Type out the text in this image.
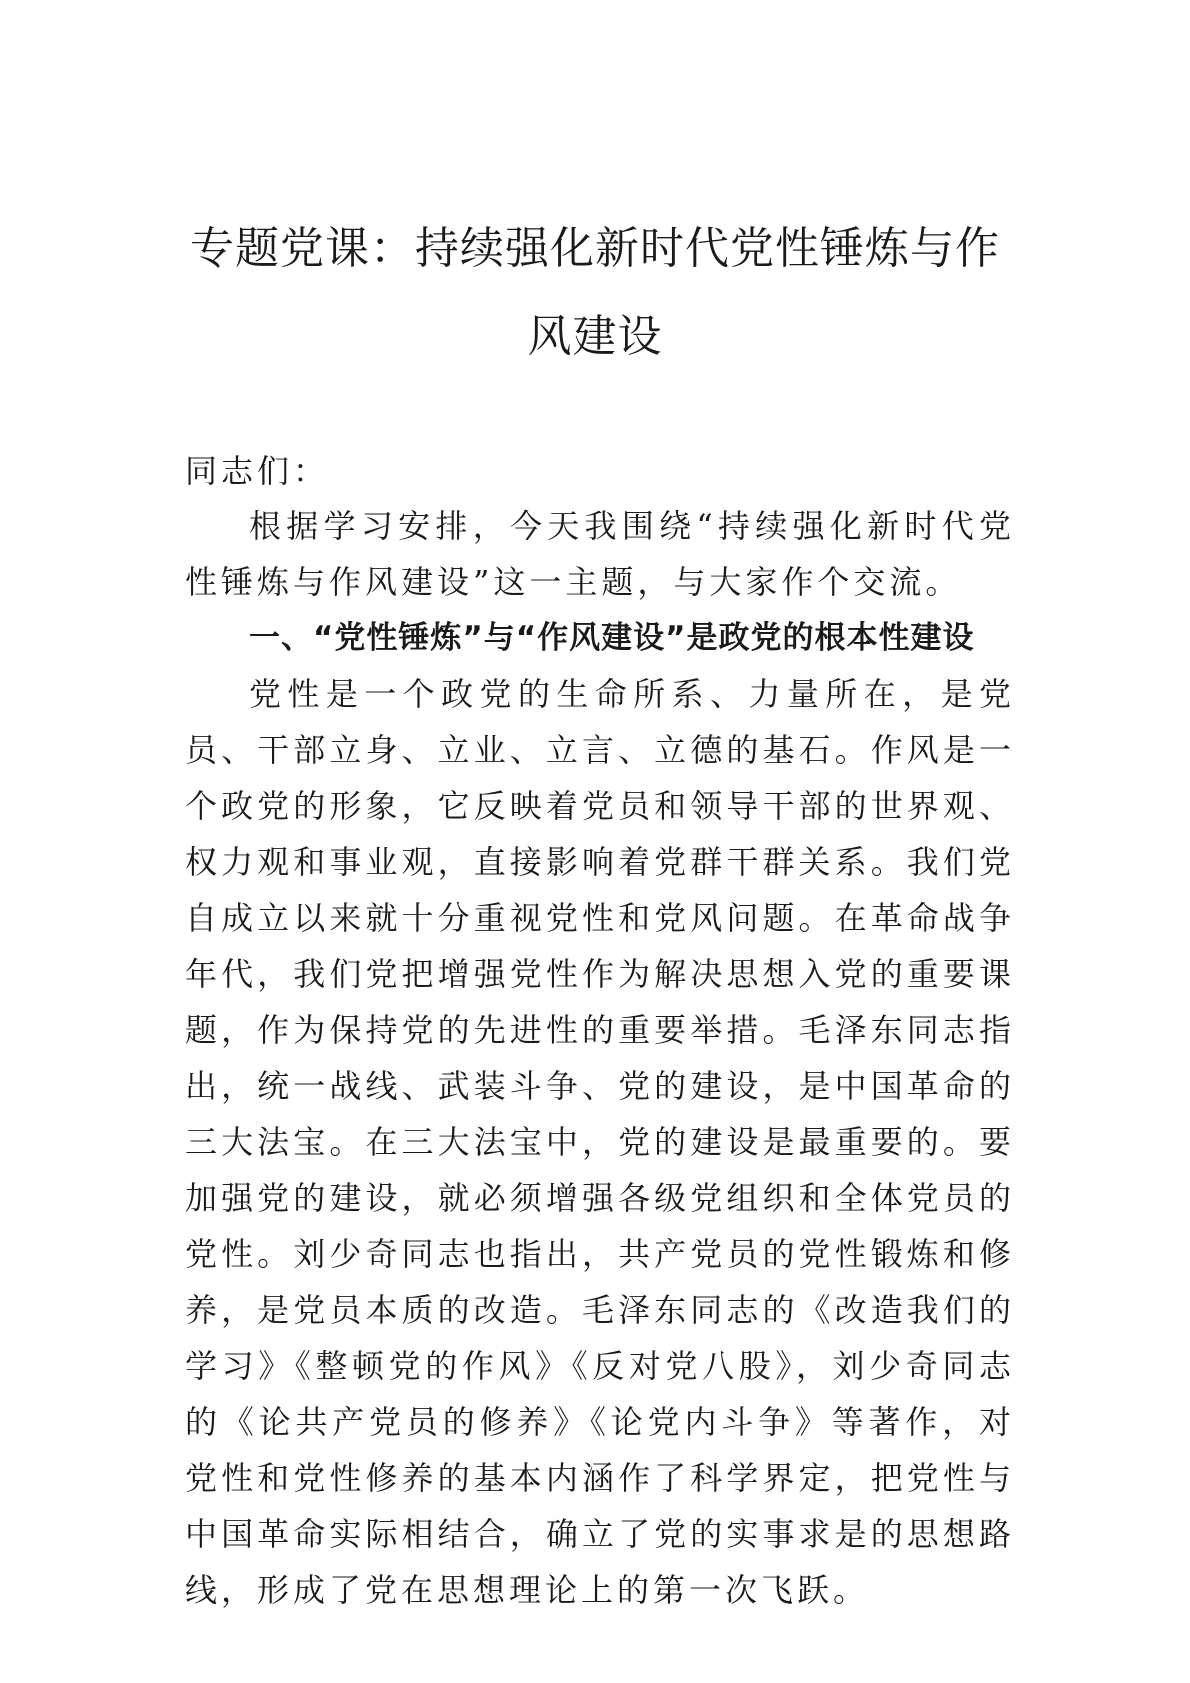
专题党课：持续强化新时代党性锤炼与作风建设

同志们：

根据学习安排，今天我围绕“持续强化新时代党性锤炼与作风建设”这一主题，与大家作个交流。

一、“党性锤炼”与“作风建设”是政党的根本性建设

党性是一个政党的生命所系、力量所在，是党员、干部立身、立业、立言、立德的基石。作风是一个政党的形象，它反映着党员和领导干部的世界观、权力观和事业观，直接影响着党群干群关系。我们党自成立以来就十分重视党性和党风问题。在革命战争年代，我们党把增强党性作为解决思想入党的重要课题，作为保持党的先进性的重要举措。毛泽东同志指出，统一战线、武装斗争、党的建设，是中国革命的三大法宝。在三大法宝中，党的建设是最重要的。要加强党的建设，就必须增强各级党组织和全体党员的党性。刘少奇同志也指出，共产党员的党性锻炼和修养，是党员本质的改造。毛泽东同志的《改造我们的学习》《整顿党的作风》《反对党八股》，刘少奇同志的《论共产党员的修养》《论党内斗争》等著作，对党性和党性修养的基本内涵作了科学界定，把党性与中国革命实际相结合，确立了党的实事求是的思想路线，形成了党在思想理论上的第一次飞跃。
